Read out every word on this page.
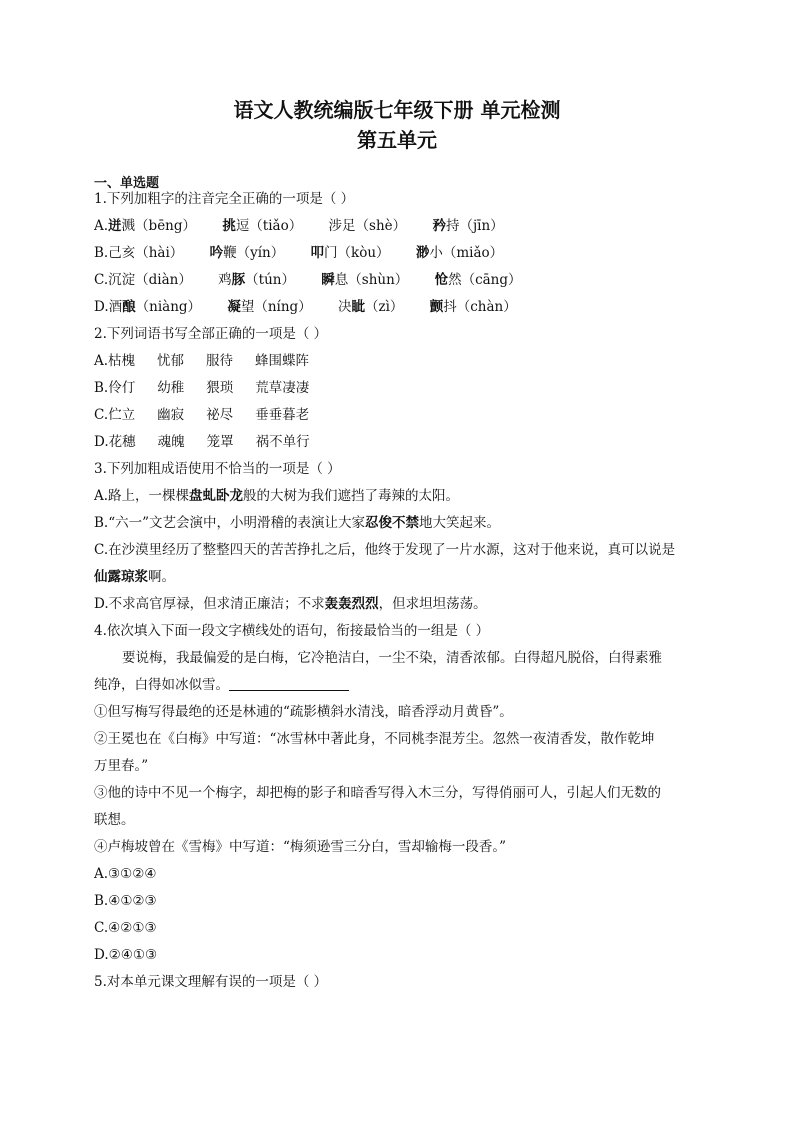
语文人教统编版七年级下册 单元检测
第五单元
一、单选题
1.下列加粗字的注音完全正确的一项是（ ）
A.迸溅（bēng） 挑逗（tiǎo） 涉足（shè） 矜持（jīn）
B.己亥（hài） 吟鞭（yín） 叩门（kòu） 渺小（miǎo）
C.沉淀（diàn） 鸡豚（tún） 瞬息（shùn） 怆然（cāng）
D.酒酿（niàng） 凝望（níng） 决眦（zì） 颤抖（chàn）
2.下列词语书写全部正确的一项是（ ）
A.枯槐 忧郁 服待 蜂围蝶阵
B.伶仃 幼稚 猥琐 荒草凄凄
C.伫立 幽寂 祕尽 垂垂暮老
D.花穗 魂魄 笼罩 祸不单行
3.下列加粗成语使用不恰当的一项是（ ）
A.路上，一棵棵盘虬卧龙般的大树为我们遮挡了毒辣的太阳。
B.“六一”文艺会演中，小明滑稽的表演让大家忍俊不禁地大笑起来。
C.在沙漠里经历了整整四天的苦苦挣扎之后，他终于发现了一片水源，这对于他来说，真可以说是
仙露琼浆啊。
D.不求高官厚禄，但求清正廉洁；不求轰轰烈烈，但求坦坦荡荡。
4.依次填入下面一段文字横线处的语句，衔接最恰当的一组是（ ）
要说梅，我最偏爱的是白梅，它冷艳洁白，一尘不染，清香浓郁。白得超凡脱俗，白得素雅
纯净，白得如冰似雪。
①但写梅写得最绝的还是林逋的“疏影横斜水清浅，暗香浮动月黄昏”。
②王冕也在《白梅》中写道：“冰雪林中著此身，不同桃李混芳尘。忽然一夜清香发，散作乾坤
万里春。”
③他的诗中不见一个梅字，却把梅的影子和暗香写得入木三分，写得俏丽可人，引起人们无数的
联想。
④卢梅坡曾在《雪梅》中写道：“梅须逊雪三分白，雪却输梅一段香。”
A.③①②④
B.④①②③
C.④②①③
D.②④①③
5.对本单元课文理解有误的一项是（ ）
